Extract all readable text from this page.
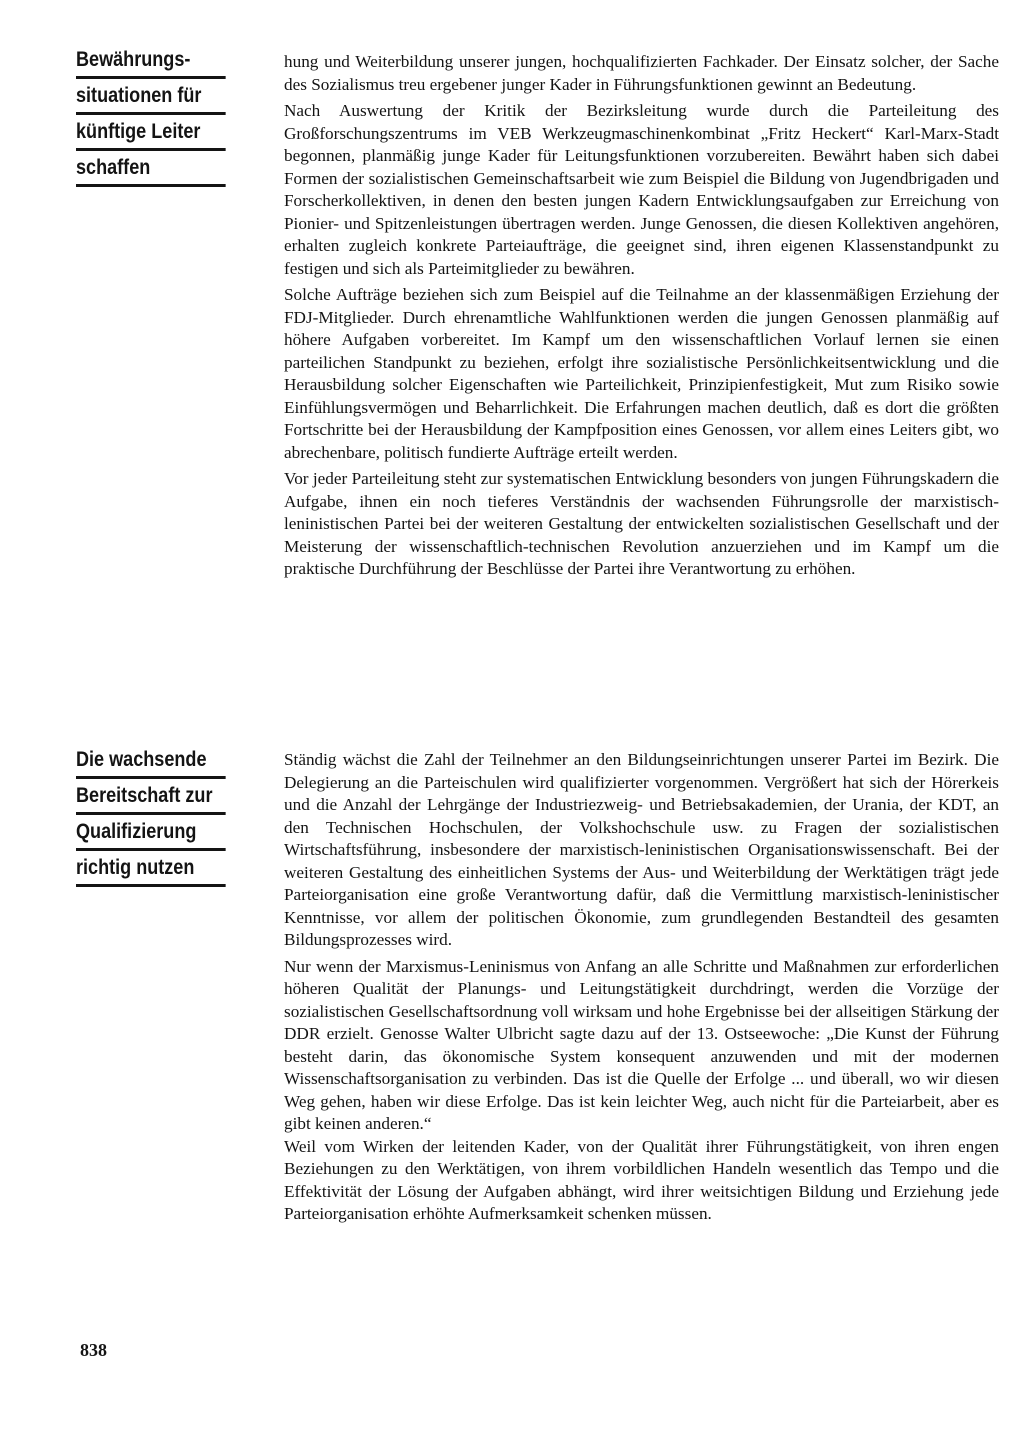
Bewährungs-
situationen für
künftige Leiter
schaffen

hung und Weiterbildung unserer jungen, hochqualifizierten Fachkader. Der Einsatz solcher, der Sache des Sozialismus treu ergebener junger Kader in Führungsfunktionen gewinnt an Bedeutung.

Nach Auswertung der Kritik der Bezirksleitung wurde durch die Parteileitung des Großforschungszentrums im VEB Werkzeugmaschinenkombinat „Fritz Heckert“ Karl-Marx-Stadt begonnen, planmäßig junge Kader für Leitungsfunktionen vorzubereiten. Bewährt haben sich dabei Formen der sozialistischen Gemeinschaftsarbeit wie zum Beispiel die Bildung von Jugendbrigaden und Forscherkollektiven, in denen den besten jungen Kadern Entwicklungsaufgaben zur Erreichung von Pionier- und Spitzenleistungen übertragen werden. Junge Genossen, die diesen Kollektiven angehören, erhalten zugleich konkrete Parteiaufträge, die geeignet sind, ihren eigenen Klassenstandpunkt zu festigen und sich als Parteimitglieder zu bewähren.

Solche Aufträge beziehen sich zum Beispiel auf die Teilnahme an der klassenmäßigen Erziehung der FDJ-Mitglieder. Durch ehrenamtliche Wahlfunktionen werden die jungen Genossen planmäßig auf höhere Aufgaben vorbereitet. Im Kampf um den wissenschaftlichen Vorlauf lernen sie einen parteilichen Standpunkt zu beziehen, erfolgt ihre sozialistische Persönlichkeitsentwicklung und die Herausbildung solcher Eigenschaften wie Parteilichkeit, Prinzipienfestigkeit, Mut zum Risiko sowie Einfühlungsvermögen und Beharrlichkeit. Die Erfahrungen machen deutlich, daß es dort die größten Fortschritte bei der Herausbildung der Kampfposition eines Genossen, vor allem eines Leiters gibt, wo abrechenbare, politisch fundierte Aufträge erteilt werden.

Vor jeder Parteileitung steht zur systematischen Entwicklung besonders von jungen Führungskadern die Aufgabe, ihnen ein noch tieferes Verständnis der wachsenden Führungsrolle der marxistisch-leninistischen Partei bei der weiteren Gestaltung der entwickelten sozialistischen Gesellschaft und der Meisterung der wissenschaftlich-technischen Revolution anzuerziehen und im Kampf um die praktische Durchführung der Beschlüsse der Partei ihre Verantwortung zu erhöhen.

Die wachsende
Bereitschaft zur
Qualifizierung
richtig nutzen

Ständig wächst die Zahl der Teilnehmer an den Bildungseinrichtungen unserer Partei im Bezirk. Die Delegierung an die Parteischulen wird qualifizierter vorgenommen. Vergrößert hat sich der Hörerkeis und die Anzahl der Lehrgänge der Industriezweig- und Betriebsakademien, der Urania, der KDT, an den Technischen Hochschulen, der Volkshochschule usw. zu Fragen der sozialistischen Wirtschaftsführung, insbesondere der marxistisch-leninistischen Organisationswissenschaft. Bei der weiteren Gestaltung des einheitlichen Systems der Aus- und Weiterbildung der Werktätigen trägt jede Parteiorganisation eine große Verantwortung dafür, daß die Vermittlung marxistisch-leninistischer Kenntnisse, vor allem der politischen Ökonomie, zum grundlegenden Bestandteil des gesamten Bildungsprozesses wird.

Nur wenn der Marxismus-Leninismus von Anfang an alle Schritte und Maßnahmen zur erforderlichen höheren Qualität der Planungs- und Leitungstätigkeit durchdringt, werden die Vorzüge der sozialistischen Gesellschaftsordnung voll wirksam und hohe Ergebnisse bei der allseitigen Stärkung der DDR erzielt. Genosse Walter Ulbricht sagte dazu auf der 13. Ostseewoche: „Die Kunst der Führung besteht darin, das ökonomische System konsequent anzuwenden und mit der modernen Wissenschaftsorganisation zu verbinden. Das ist die Quelle der Erfolge ... und überall, wo wir diesen Weg gehen, haben wir diese Erfolge. Das ist kein leichter Weg, auch nicht für die Parteiarbeit, aber es gibt keinen anderen.“

Weil vom Wirken der leitenden Kader, von der Qualität ihrer Führungstätigkeit, von ihren engen Beziehungen zu den Werktätigen, von ihrem vorbildlichen Handeln wesentlich das Tempo und die Effektivität der Lösung der Aufgaben abhängt, wird ihrer weitsichtigen Bildung und Erziehung jede Parteiorganisation erhöhte Aufmerksamkeit schenken müssen.

838
